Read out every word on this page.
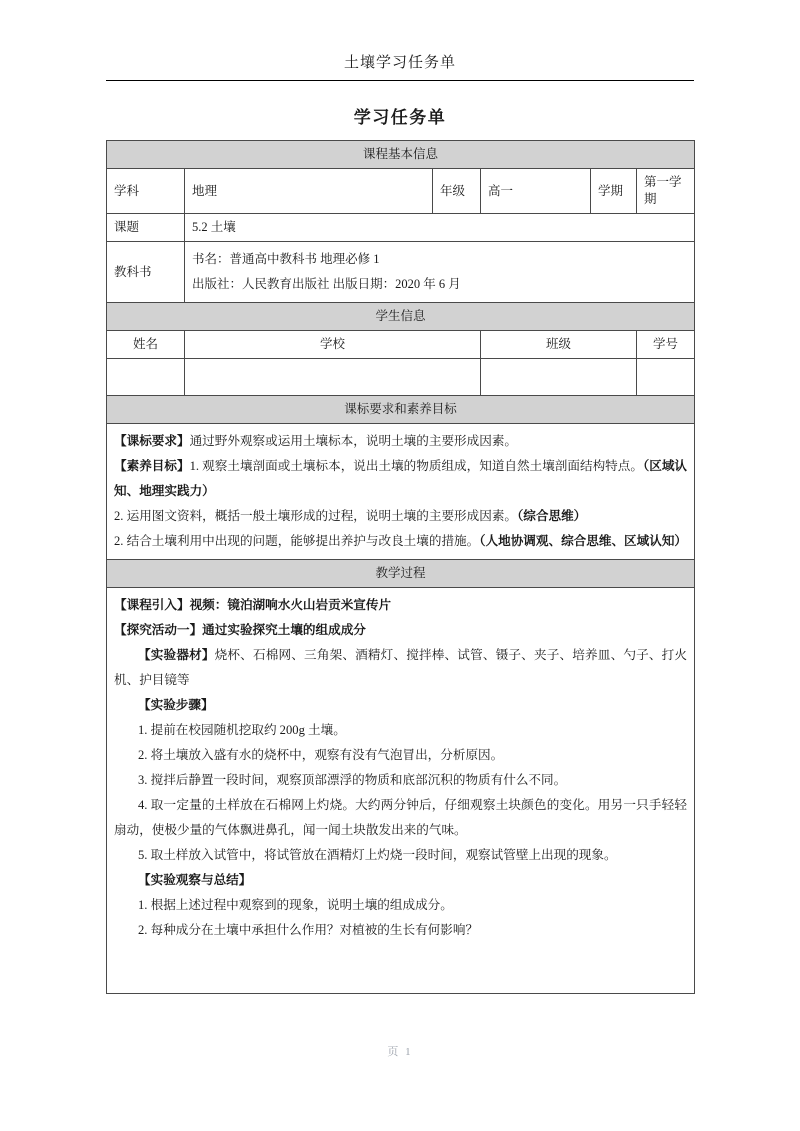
土壤学习任务单
学习任务单
课程基本信息					
学科	地理	年级	高一	学期	第一学期
课题	5.2 土壤				
教科书	书名：普通高中教科书 地理必修 1
出版社：人民教育出版社 出版日期：2020 年 6 月				

学生信息					
姓名	学校		班级		学号

课标要求和素养目标					

【课标要求】通过野外观察或运用土壤标本，说明土壤的主要形成因素。

【素养目标】1. 观察土壤剖面或土壤标本，说出土壤的物质组成，知道自然土壤剖面结构特点。（区域认知、地理实践力）

2. 运用图文资料，概括一般土壤形成的过程，说明土壤的主要形成因素。（综合思维）

2. 结合土壤利用中出现的问题，能够提出养护与改良土壤的措施。（人地协调观、综合思维、区域认知）					

教学过程					

【课程引入】视频：镜泊湖响水火山岩贡米宣传片

【探究活动一】通过实验探究土壤的组成成分

【实验器材】烧杯、石棉网、三角架、酒精灯、搅拌棒、试管、镊子、夹子、培养皿、勺子、打火机、护目镜等

【实验步骤】

1. 提前在校园随机挖取约 200g 土壤。

2. 将土壤放入盛有水的烧杯中，观察有没有气泡冒出，分析原因。

3. 搅拌后静置一段时间，观察顶部漂浮的物质和底部沉积的物质有什么不同。

4. 取一定量的土样放在石棉网上灼烧。大约两分钟后，仔细观察土块颜色的变化。用另一只手轻轻 扇动，使极少量的气体飘进鼻孔，闻一闻土块散发出来的气味。

5. 取土样放入试管中，将试管放在酒精灯上灼烧一段时间，观察试管壁上出现的现象。

【实验观察与总结】

1. 根据上述过程中观察到的现象，说明土壤的组成成分。

2. 每种成分在土壤中承担什么作用？对植被的生长有何影响？

页 1
